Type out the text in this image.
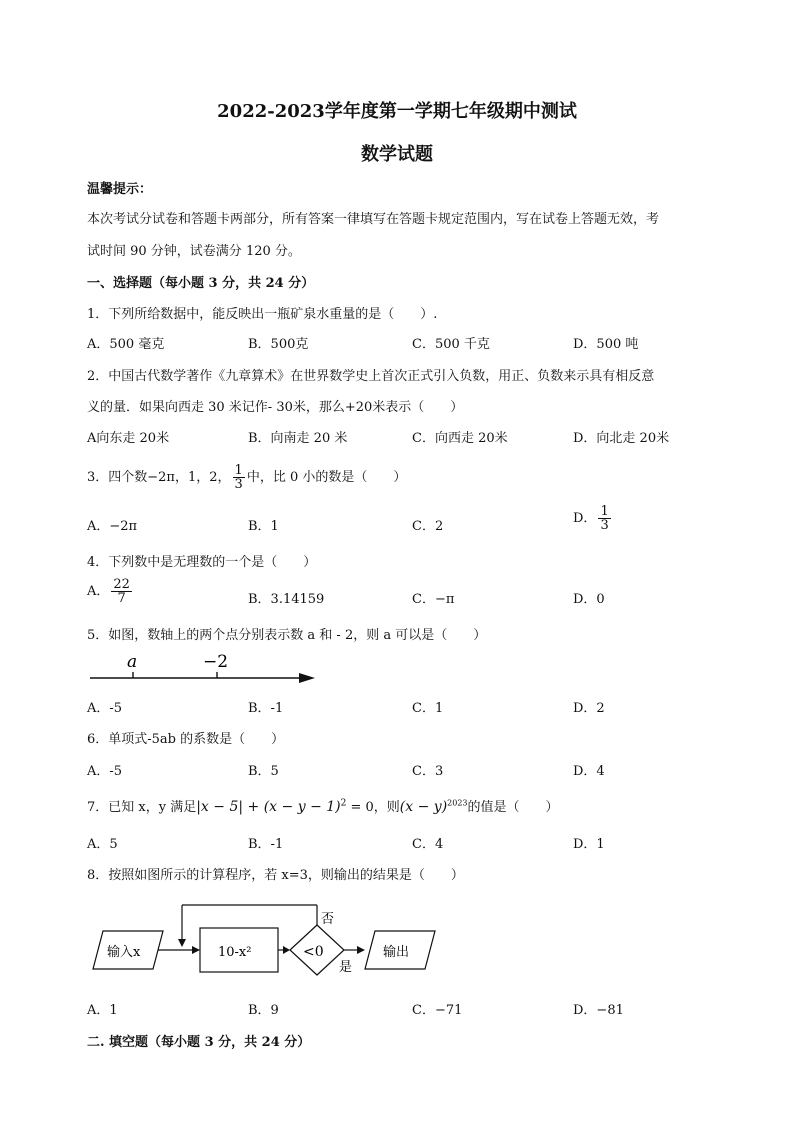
2022-2023学年度第一学期七年级期中测试
数学试题
温馨提示：
本次考试分试卷和答题卡两部分，所有答案一律填写在答题卡规定范围内，写在试卷上答题无效，考
试时间 90 分钟，试卷满分 120 分。
一、选择题（每小题 3 分，共 24 分）
1．下列所给数据中，能反映出一瓶矿泉水重量的是（　　）.
A．500 毫克	B．500克	C．500 千克	D．500 吨
2．中国古代数学著作《九章算术》在世界数学史上首次正式引入负数，用正、负数来示具有相反意
义的量．如果向西走 30 米记作- 30米，那么+20米表示（　　）
A向东走 20米	B．向南走 20 米	C．向西走 20米	D．向北走 20米
3．四个数−2π，1，2， $\frac{1}{3}$ 中，比 0 小的数是（　　）
A．−2π	B．1	C．2
D． $\frac{1}{3}$
4．下列数中是无理数的一个是（　　）
A． $\frac{22}{7}$	B．3.14159	C．−π	D．0
5．如图，数轴上的两个点分别表示数 a 和 - 2，则 a 可以是（　　）
a	−2
A．-5	B．-1	C．1	D．2
6．单项式-5ab 的系数是（　　）
A．-5	B．5	C．3	D．4
7．已知 x，y 满足$|x - 5| + (x - y - 1)^2 = 0$，则$(x - y)^{2023}$的值是（　　）
A．5	B．-1	C．4	D．1
8．按照如图所示的计算程序，若 x=3，则输出的结果是（　　）
输入x	10-x²	<0
否
是
输出
A．1	B．9	C．−71	D．−81
二. 填空题（每小题 3 分，共 24 分）
